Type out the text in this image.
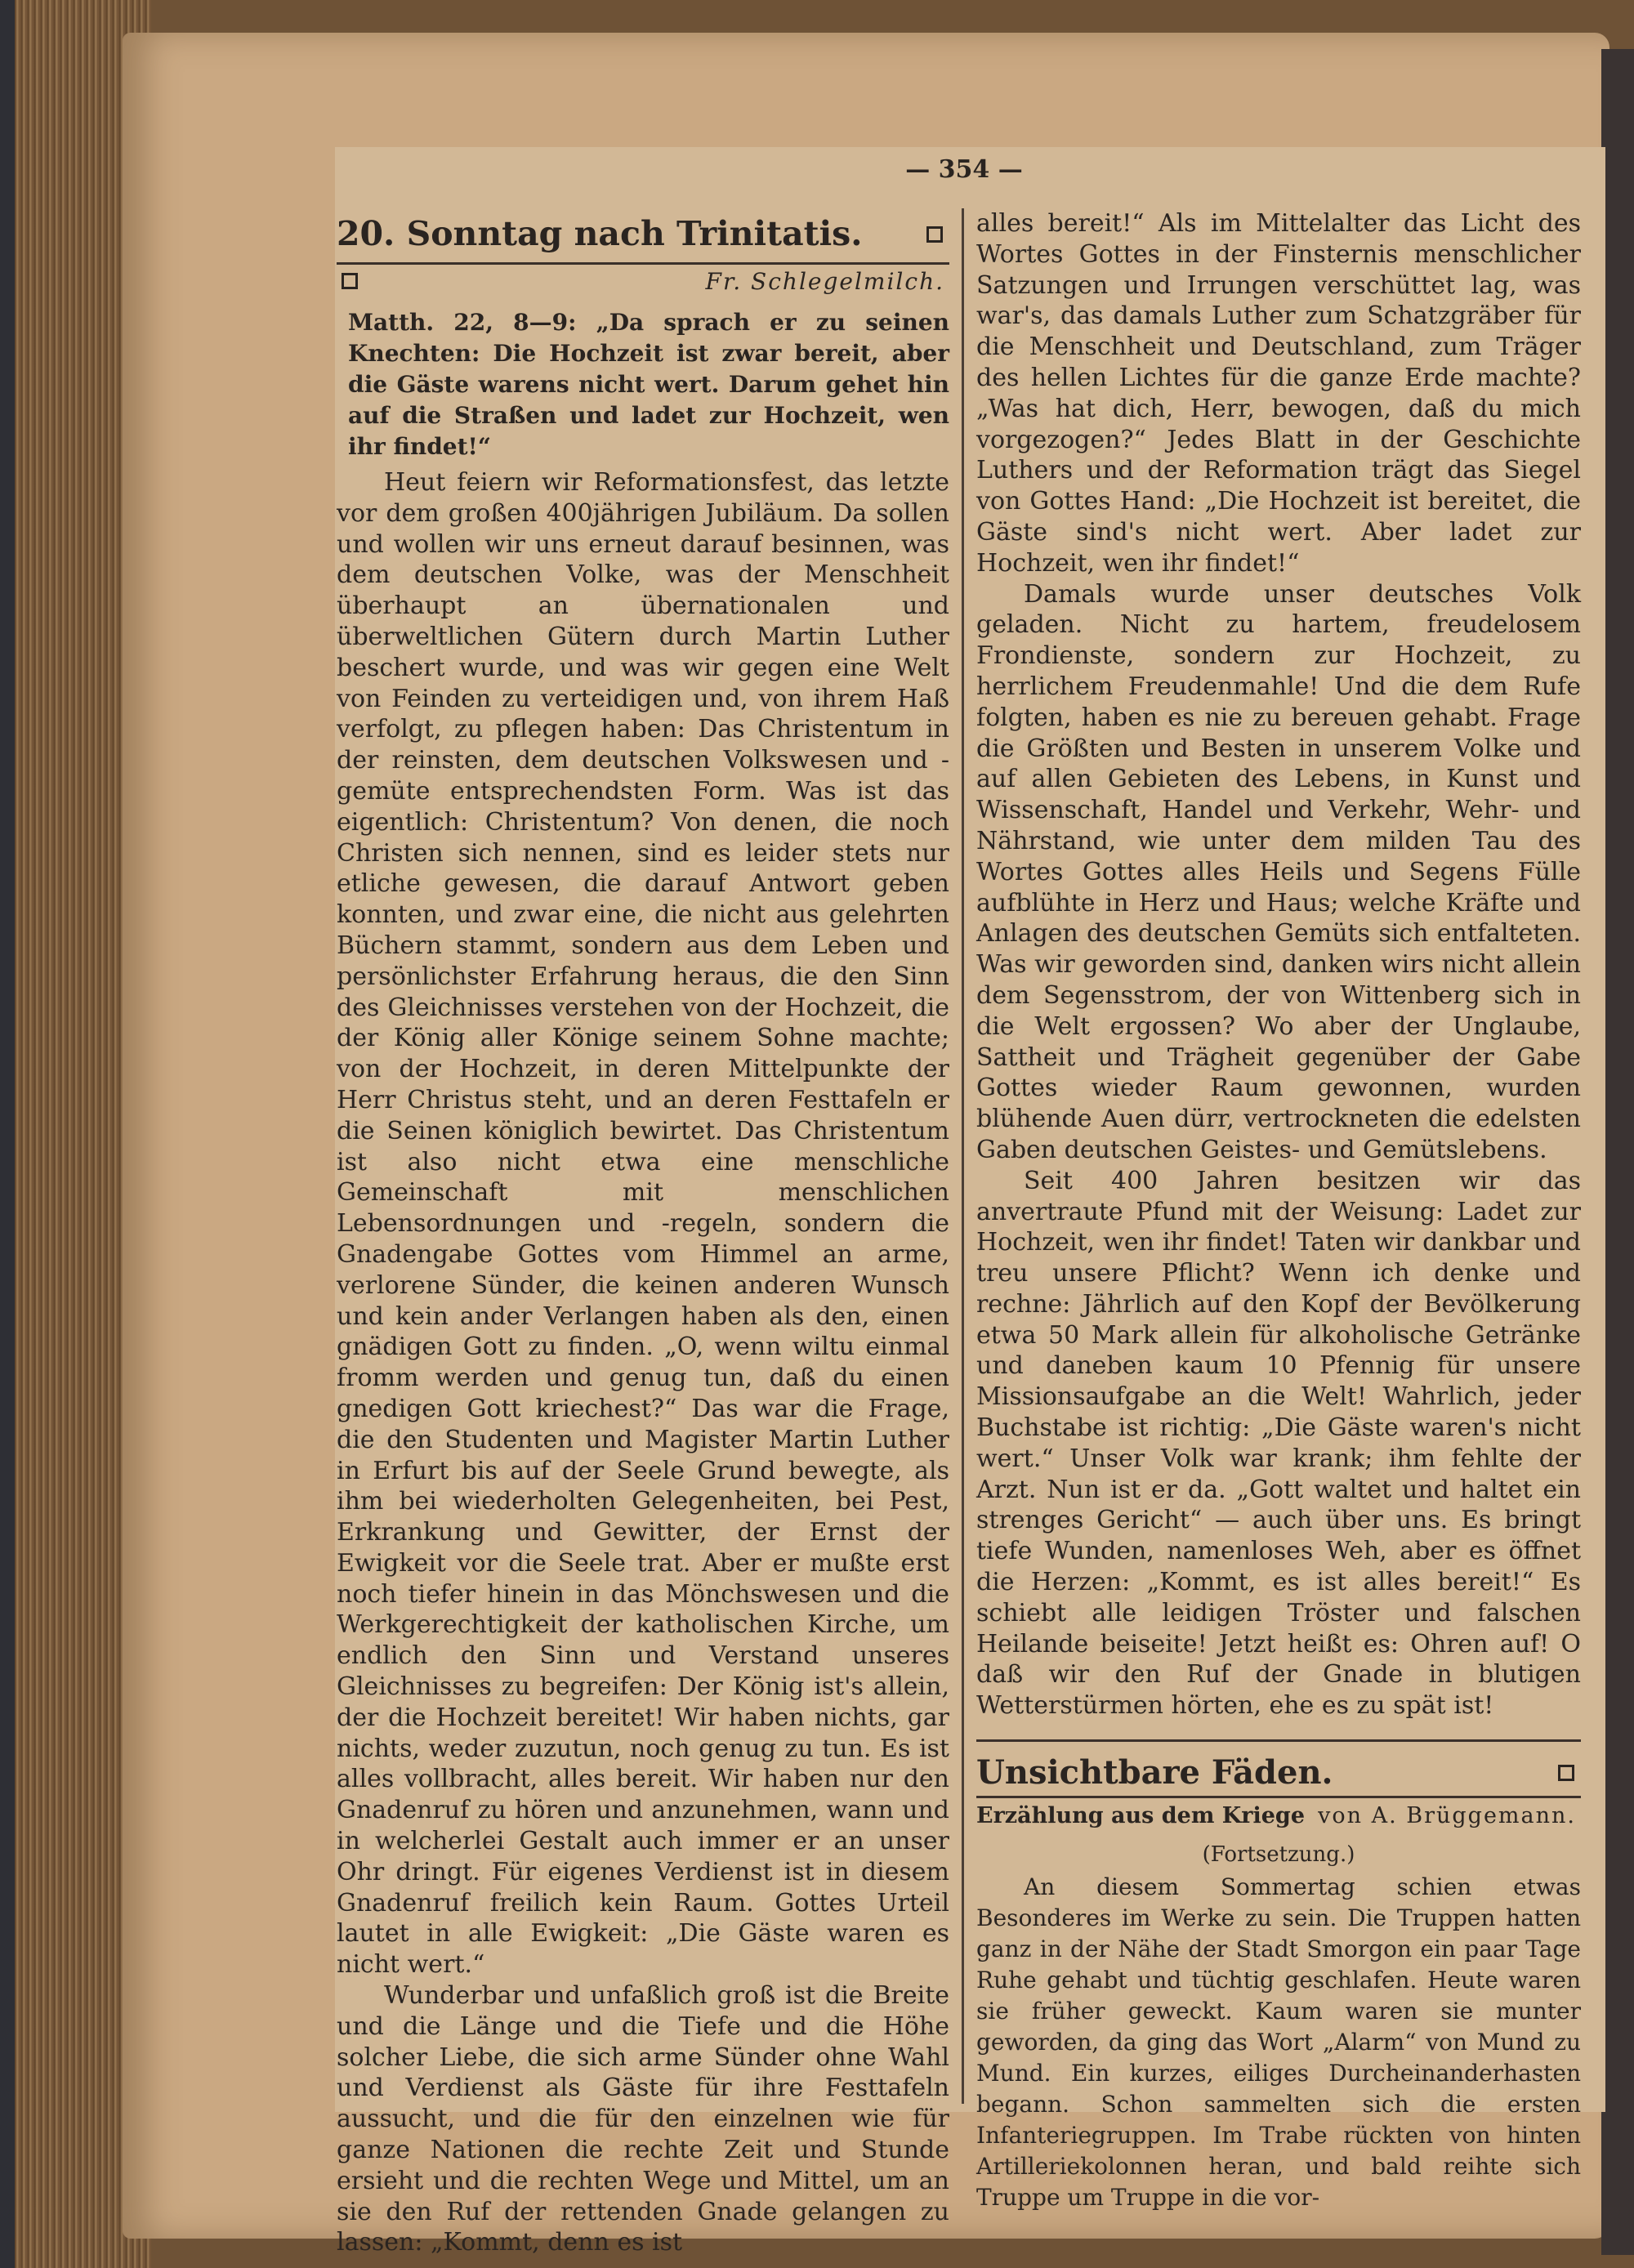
— 354 —
20. Sonntag nach Trinitatis.
Fr. Schlegelmilch.

Matth. 22, 8—9: „Da sprach er zu seinen Knechten: Die Hochzeit ist zwar bereit, aber die Gäste warens nicht wert. Darum gehet hin auf die Straßen und ladet zur Hochzeit, wen ihr findet!“

Heut feiern wir Reformationsfest, das letzte vor dem großen 400jährigen Jubiläum. Da sollen und wollen wir uns erneut darauf besinnen, was dem deutschen Volke, was der Menschheit überhaupt an übernationalen und überweltlichen Gütern durch Martin Luther beschert wurde, und was wir gegen eine Welt von Feinden zu verteidigen und, von ihrem Haß verfolgt, zu pflegen haben: Das Christentum in der reinsten, dem deutschen Volkswesen und -gemüte entsprechendsten Form. Was ist das eigentlich: Christentum? Von denen, die noch Christen sich nennen, sind es leider stets nur etliche gewesen, die darauf Antwort geben konnten, und zwar eine, die nicht aus gelehrten Büchern stammt, sondern aus dem Leben und persönlichster Erfahrung heraus, die den Sinn des Gleichnisses verstehen von der Hochzeit, die der König aller Könige seinem Sohne machte; von der Hochzeit, in deren Mittelpunkte der Herr Christus steht, und an deren Festtafeln er die Seinen königlich bewirtet. Das Christentum ist also nicht etwa eine menschliche Gemeinschaft mit menschlichen Lebensordnungen und -regeln, sondern die Gnadengabe Gottes vom Himmel an arme, verlorene Sünder, die keinen anderen Wunsch und kein ander Verlangen haben als den, einen gnädigen Gott zu finden. „O, wenn wiltu einmal fromm werden und genug tun, daß du einen gnedigen Gott kriechest?“ Das war die Frage, die den Studenten und Magister Martin Luther in Erfurt bis auf der Seele Grund bewegte, als ihm bei wiederholten Gelegenheiten, bei Pest, Erkrankung und Gewitter, der Ernst der Ewigkeit vor die Seele trat. Aber er mußte erst noch tiefer hinein in das Mönchswesen und die Werkgerechtigkeit der katholischen Kirche, um endlich den Sinn und Verstand unseres Gleichnisses zu begreifen: Der König ist's allein, der die Hochzeit bereitet! Wir haben nichts, gar nichts, weder zuzutun, noch genug zu tun. Es ist alles vollbracht, alles bereit. Wir haben nur den Gnadenruf zu hören und anzunehmen, wann und in welcherlei Gestalt auch immer er an unser Ohr dringt. Für eigenes Verdienst ist in diesem Gnadenruf freilich kein Raum. Gottes Urteil lautet in alle Ewigkeit: „Die Gäste waren es nicht wert.“

Wunderbar und unfaßlich groß ist die Breite und die Länge und die Tiefe und die Höhe solcher Liebe, die sich arme Sünder ohne Wahl und Verdienst als Gäste für ihre Festtafeln aussucht, und die für den einzelnen wie für ganze Nationen die rechte Zeit und Stunde ersieht und die rechten Wege und Mittel, um an sie den Ruf der rettenden Gnade gelangen zu lassen: „Kommt, denn es ist

alles bereit!“ Als im Mittelalter das Licht des Wortes Gottes in der Finsternis menschlicher Satzungen und Irrungen verschüttet lag, was war's, das damals Luther zum Schatzgräber für die Menschheit und Deutschland, zum Träger des hellen Lichtes für die ganze Erde machte? „Was hat dich, Herr, bewogen, daß du mich vorgezogen?“ Jedes Blatt in der Geschichte Luthers und der Reformation trägt das Siegel von Gottes Hand: „Die Hochzeit ist bereitet, die Gäste sind's nicht wert. Aber ladet zur Hochzeit, wen ihr findet!“

Damals wurde unser deutsches Volk geladen. Nicht zu hartem, freudelosem Frondienste, sondern zur Hochzeit, zu herrlichem Freudenmahle! Und die dem Rufe folgten, haben es nie zu bereuen gehabt. Frage die Größten und Besten in unserem Volke und auf allen Gebieten des Lebens, in Kunst und Wissenschaft, Handel und Verkehr, Wehr- und Nährstand, wie unter dem milden Tau des Wortes Gottes alles Heils und Segens Fülle aufblühte in Herz und Haus; welche Kräfte und Anlagen des deutschen Gemüts sich entfalteten. Was wir geworden sind, danken wirs nicht allein dem Segensstrom, der von Wittenberg sich in die Welt ergossen? Wo aber der Unglaube, Sattheit und Trägheit gegenüber der Gabe Gottes wieder Raum gewonnen, wurden blühende Auen dürr, vertrockneten die edelsten Gaben deutschen Geistes- und Gemütslebens.

Seit 400 Jahren besitzen wir das anvertraute Pfund mit der Weisung: Ladet zur Hochzeit, wen ihr findet! Taten wir dankbar und treu unsere Pflicht? Wenn ich denke und rechne: Jährlich auf den Kopf der Bevölkerung etwa 50 Mark allein für alkoholische Getränke und daneben kaum 10 Pfennig für unsere Missionsaufgabe an die Welt! Wahrlich, jeder Buchstabe ist richtig: „Die Gäste waren's nicht wert.“ Unser Volk war krank; ihm fehlte der Arzt. Nun ist er da. „Gott waltet und haltet ein strenges Gericht“ — auch über uns. Es bringt tiefe Wunden, namenloses Weh, aber es öffnet die Herzen: „Kommt, es ist alles bereit!“ Es schiebt alle leidigen Tröster und falschen Heilande beiseite! Jetzt heißt es: Ohren auf! O daß wir den Ruf der Gnade in blutigen Wetterstürmen hörten, ehe es zu spät ist!

Unsichtbare Fäden.
Erzählung aus dem Kriege von A. Brüggemann.
(Fortsetzung.)

An diesem Sommertag schien etwas Besonderes im Werke zu sein. Die Truppen hatten ganz in der Nähe der Stadt Smorgon ein paar Tage Ruhe gehabt und tüchtig geschlafen. Heute waren sie früher geweckt. Kaum waren sie munter geworden, da ging das Wort „Alarm“ von Mund zu Mund. Ein kurzes, eiliges Durcheinanderhasten begann. Schon sammelten sich die ersten Infanteriegruppen. Im Trabe rückten von hinten Artilleriekolonnen heran, und bald reihte sich Truppe um Truppe in die vor-
